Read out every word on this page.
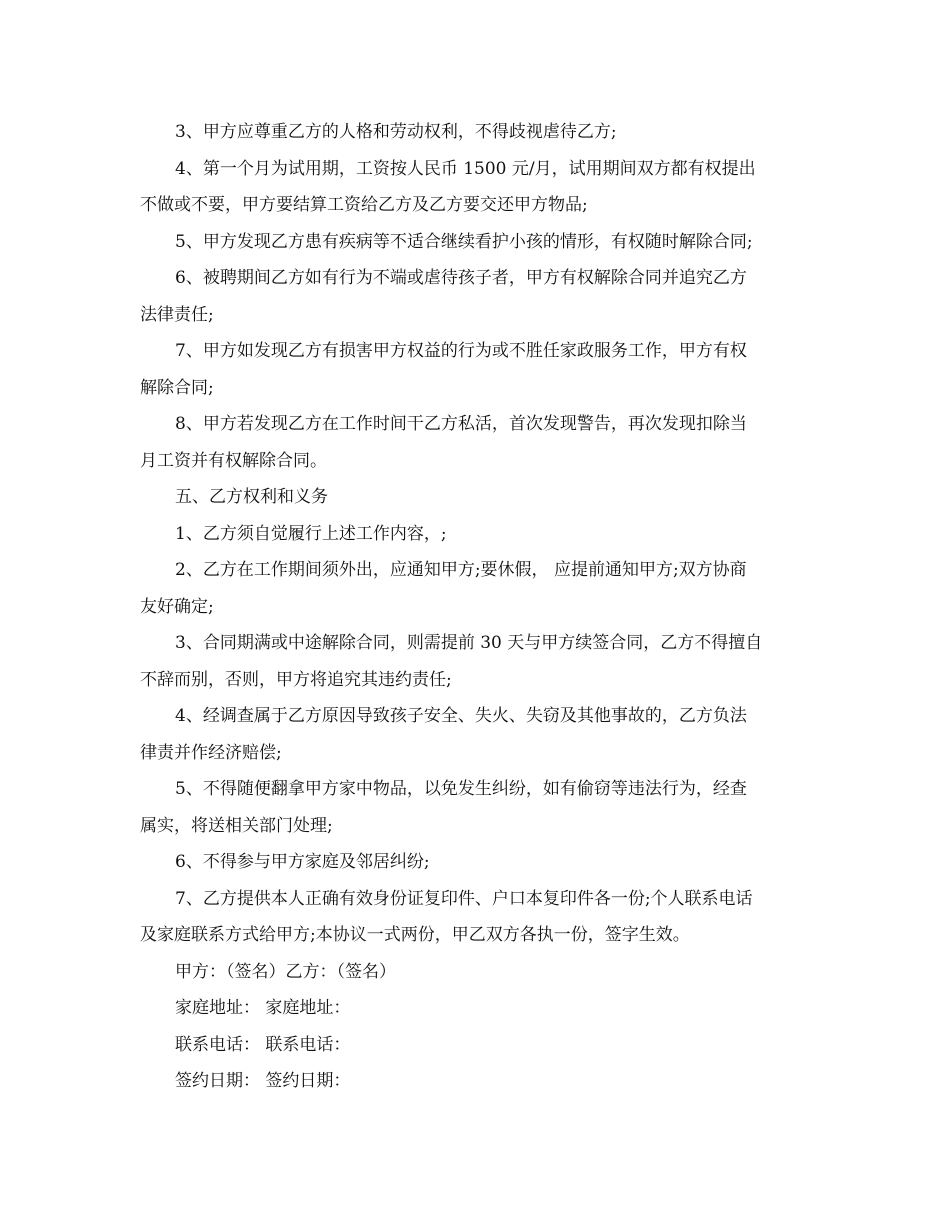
3、甲方应尊重乙方的人格和劳动权利，不得歧视虐待乙方;

4、第一个月为试用期，工资按人民币 1500 元/月，试用期间双方都有权提出
不做或不要，甲方要结算工资给乙方及乙方要交还甲方物品;

5、甲方发现乙方患有疾病等不适合继续看护小孩的情形，有权随时解除合同;

6、被聘期间乙方如有行为不端或虐待孩子者，甲方有权解除合同并追究乙方
法律责任;

7、甲方如发现乙方有损害甲方权益的行为或不胜任家政服务工作，甲方有权
解除合同;

8、甲方若发现乙方在工作时间干乙方私活，首次发现警告，再次发现扣除当
月工资并有权解除合同。

五、乙方权利和义务

1、乙方须自觉履行上述工作内容，;

2、乙方在工作期间须外出，应通知甲方;要休假， 应提前通知甲方;双方协商
友好确定;

3、合同期满或中途解除合同，则需提前 30 天与甲方续签合同，乙方不得擅自
不辞而别，否则，甲方将追究其违约责任;

4、经调查属于乙方原因导致孩子安全、失火、失窃及其他事故的，乙方负法
律责并作经济赔偿;

5、不得随便翻拿甲方家中物品，以免发生纠纷，如有偷窃等违法行为，经查
属实，将送相关部门处理;

6、不得参与甲方家庭及邻居纠纷;

7、乙方提供本人正确有效身份证复印件、户口本复印件各一份;个人联系电话
及家庭联系方式给甲方;本协议一式两份，甲乙双方各执一份，签字生效。

甲方：（签名）乙方：（签名）

家庭地址： 家庭地址：

联系电话： 联系电话：

签约日期： 签约日期：
